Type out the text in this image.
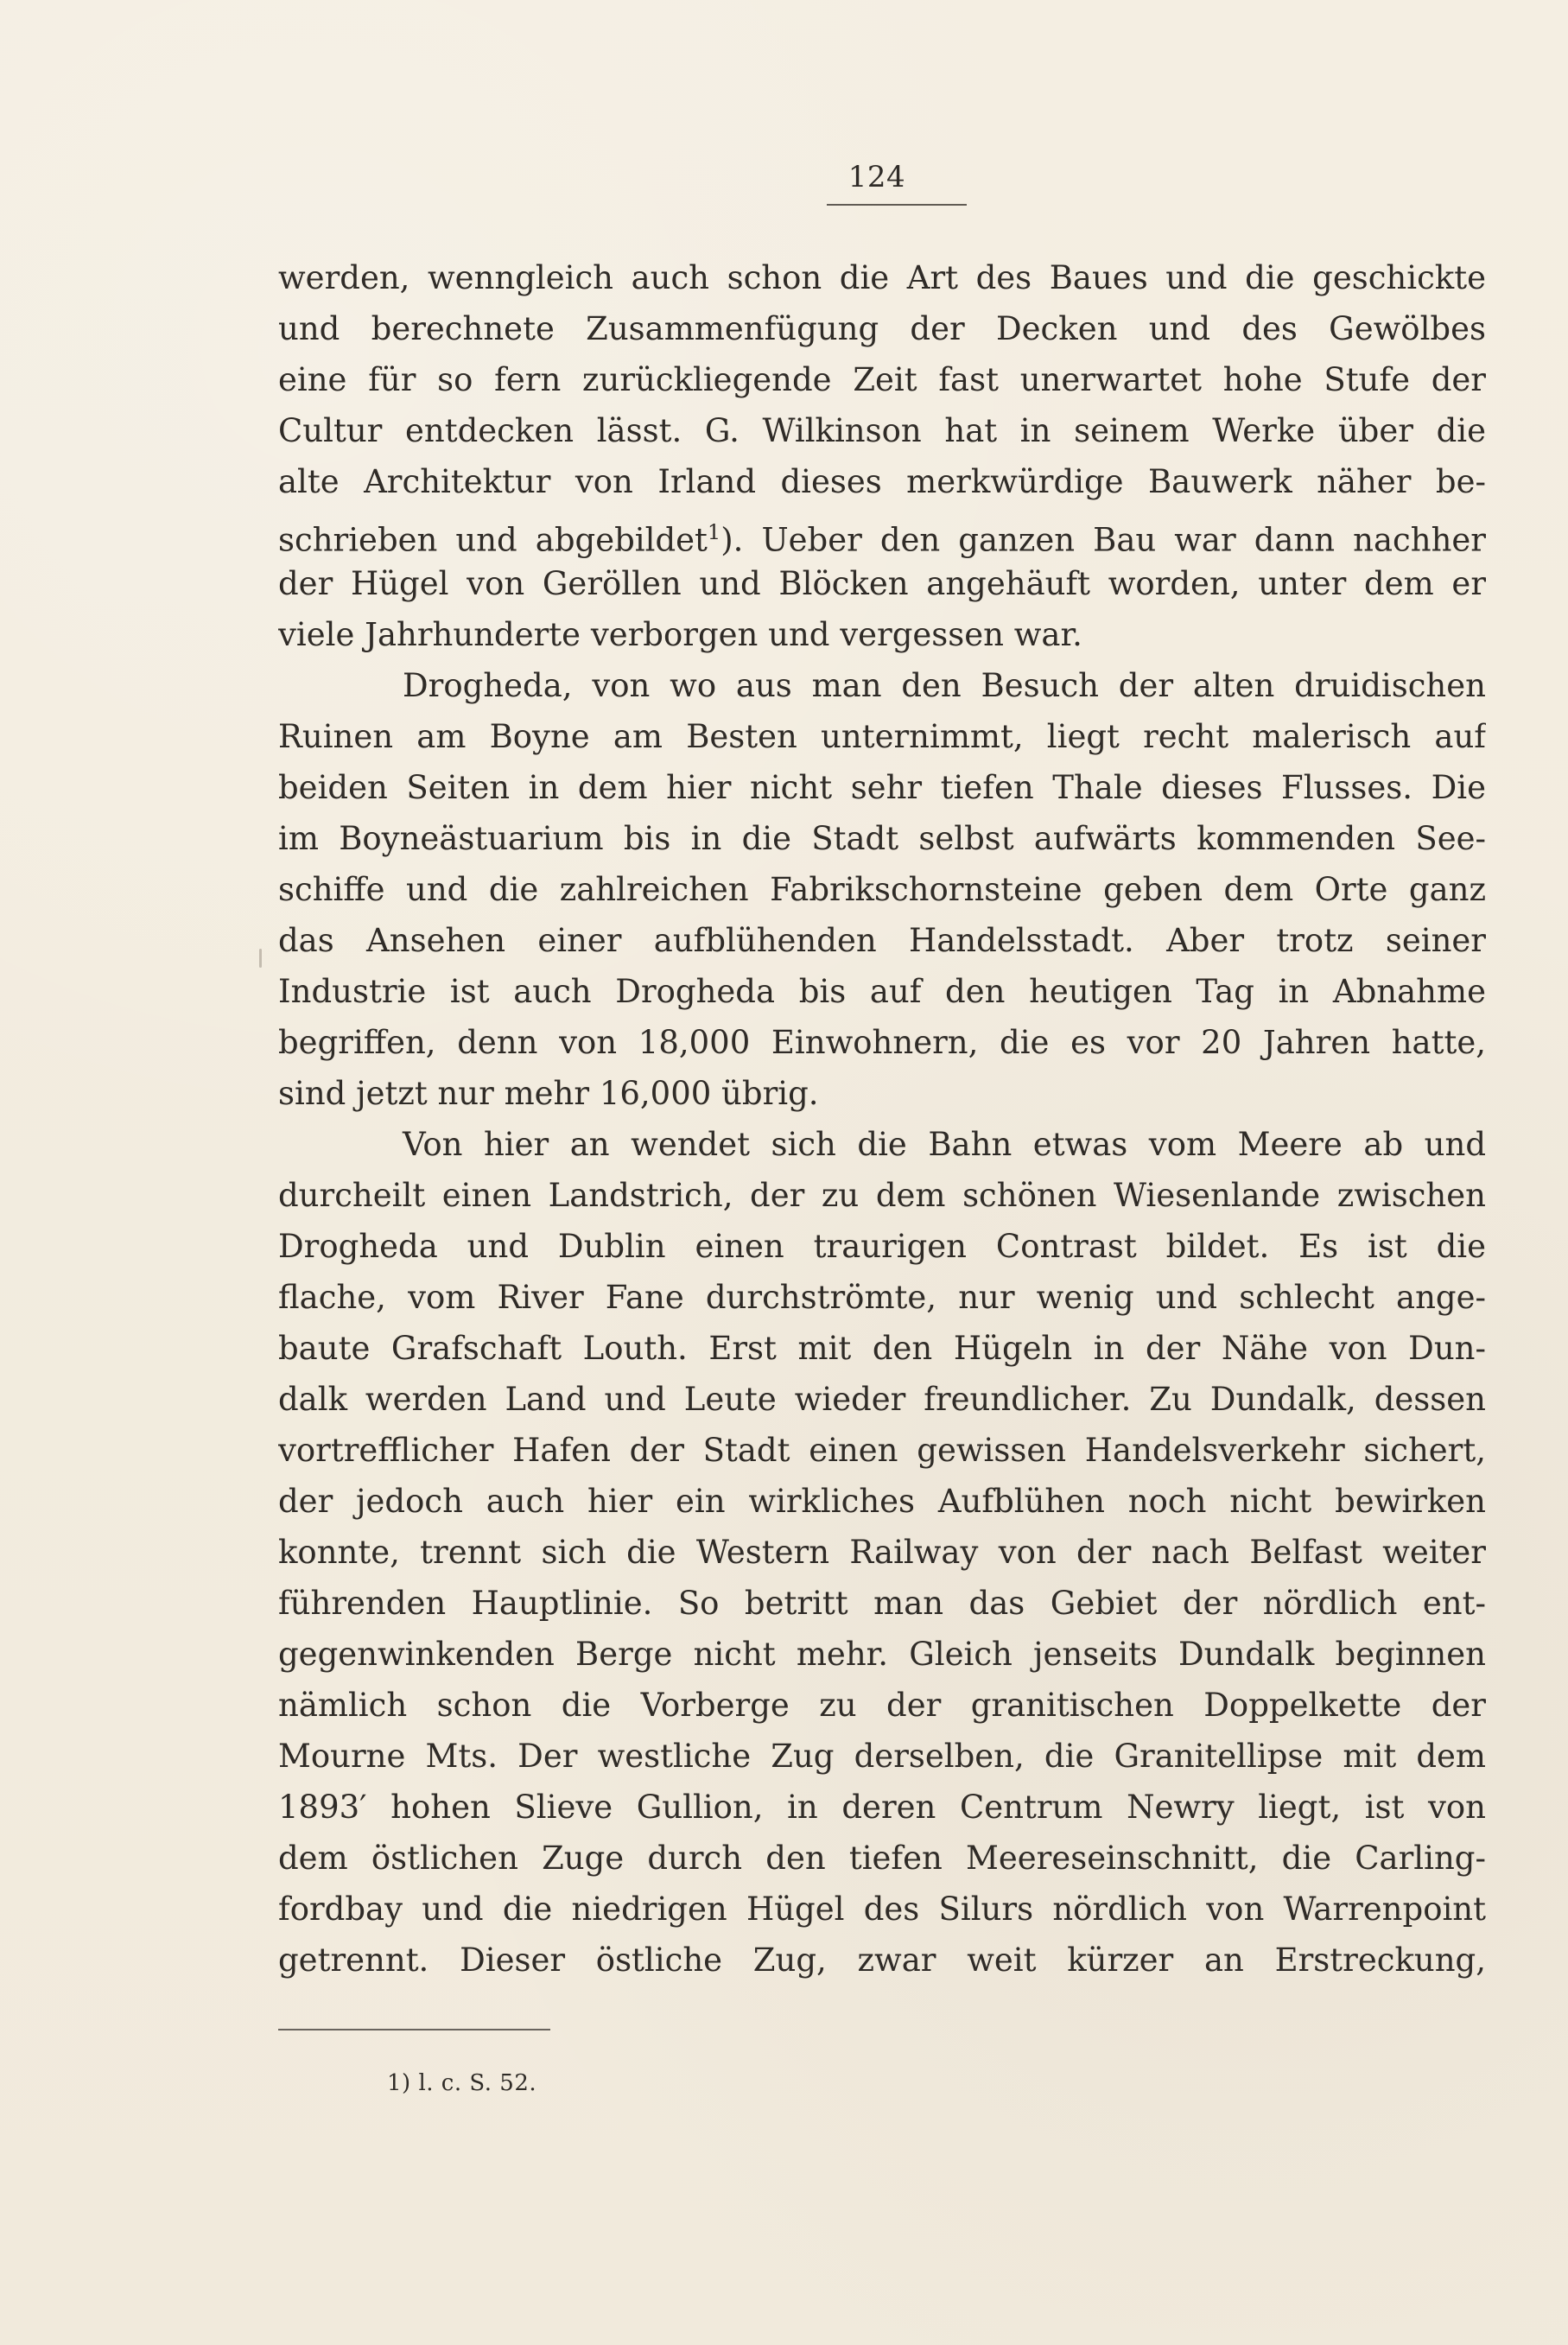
124
werden, wenngleich auch schon die Art des Baues und die geschickte
und berechnete Zusammenfügung der Decken und des Gewölbes
eine für so fern zurückliegende Zeit fast unerwartet hohe Stufe der
Cultur entdecken lässt. G. Wilkinson hat in seinem Werke über die
alte Architektur von Irland dieses merkwürdige Bauwerk näher be-
schrieben und abgebildet$^1$). Ueber den ganzen Bau war dann nachher
der Hügel von Geröllen und Blöcken angehäuft worden, unter dem er
viele Jahrhunderte verborgen und vergessen war.
Drogheda, von wo aus man den Besuch der alten druidischen
Ruinen am Boyne am Besten unternimmt, liegt recht malerisch auf
beiden Seiten in dem hier nicht sehr tiefen Thale dieses Flusses. Die
im Boyneästuarium bis in die Stadt selbst aufwärts kommenden See-
schiffe und die zahlreichen Fabrikschornsteine geben dem Orte ganz
das Ansehen einer aufblühenden Handelsstadt. Aber trotz seiner
Industrie ist auch Drogheda bis auf den heutigen Tag in Abnahme
begriffen, denn von 18,000 Einwohnern, die es vor 20 Jahren hatte,
sind jetzt nur mehr 16,000 übrig.
Von hier an wendet sich die Bahn etwas vom Meere ab und
durcheilt einen Landstrich, der zu dem schönen Wiesenlande zwischen
Drogheda und Dublin einen traurigen Contrast bildet. Es ist die
flache, vom River Fane durchströmte, nur wenig und schlecht ange-
baute Grafschaft Louth. Erst mit den Hügeln in der Nähe von Dun-
dalk werden Land und Leute wieder freundlicher. Zu Dundalk, dessen
vortrefflicher Hafen der Stadt einen gewissen Handelsverkehr sichert,
der jedoch auch hier ein wirkliches Aufblühen noch nicht bewirken
konnte, trennt sich die Western Railway von der nach Belfast weiter
führenden Hauptlinie. So betritt man das Gebiet der nördlich ent-
gegenwinkenden Berge nicht mehr. Gleich jenseits Dundalk beginnen
nämlich schon die Vorberge zu der granitischen Doppelkette der
Mourne Mts. Der westliche Zug derselben, die Granitellipse mit dem
1893′ hohen Slieve Gullion, in deren Centrum Newry liegt, ist von
dem östlichen Zuge durch den tiefen Meereseinschnitt, die Carling-
fordbay und die niedrigen Hügel des Silurs nördlich von Warrenpoint
getrennt. Dieser östliche Zug, zwar weit kürzer an Erstreckung,
1) l. c. S. 52.
